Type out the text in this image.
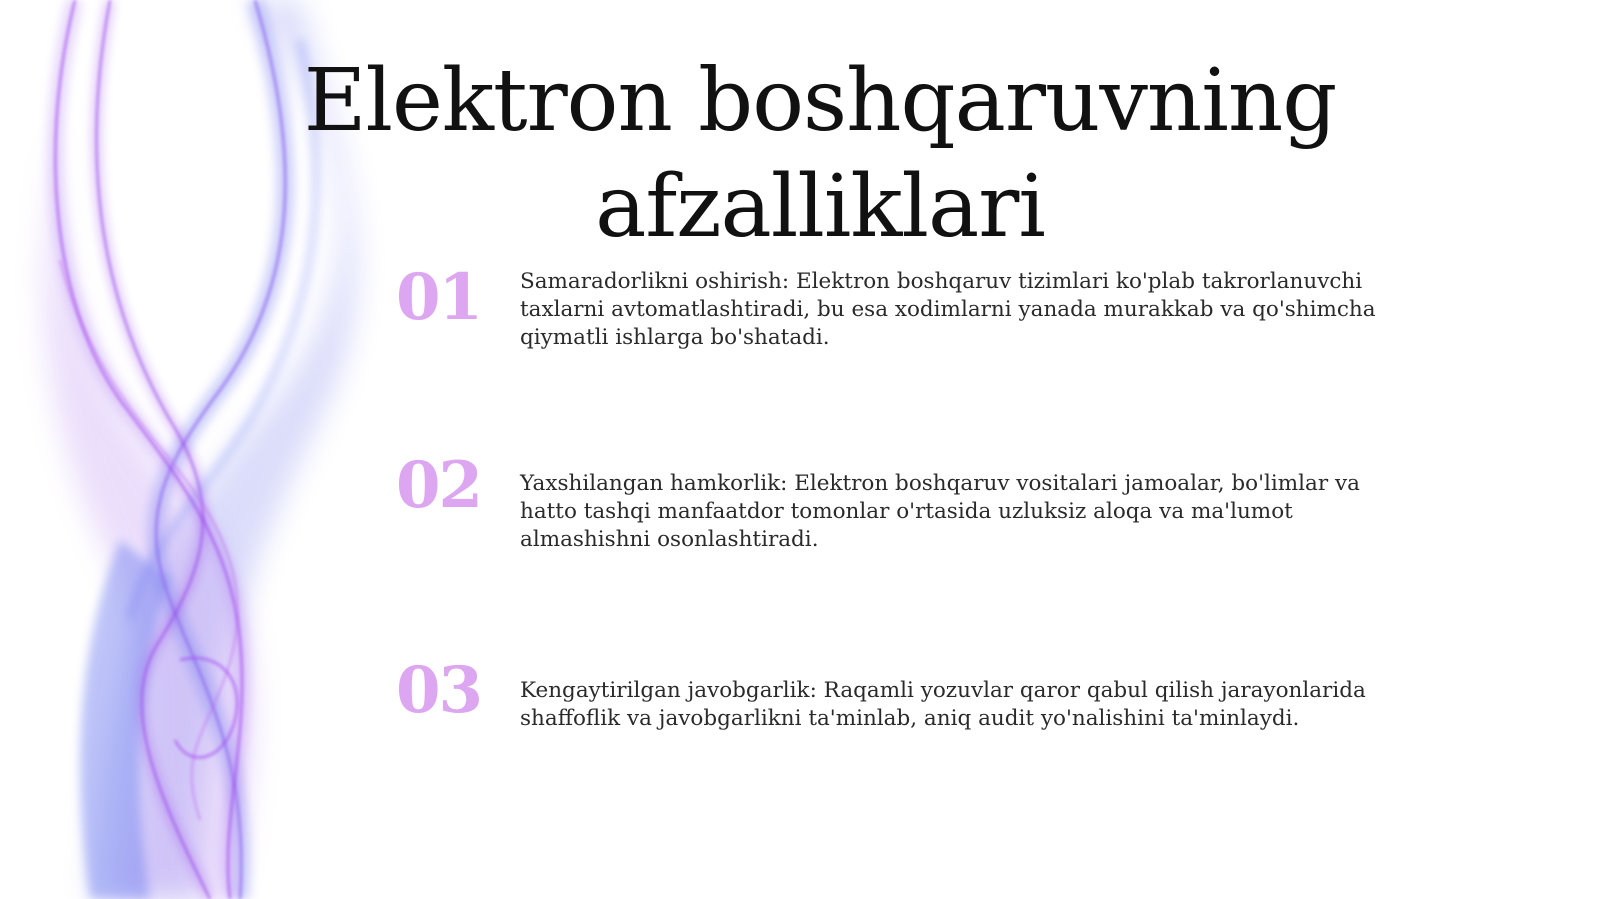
Elektron boshqaruvning afzalliklari
01	Samaradorlikni oshirish: Elektron boshqaruv tizimlari ko'plab takrorlanuvchi taxlarni avtomatlashtiradi, bu esa xodimlarni yanada murakkab va qo'shimcha qiymatli ishlarga bo'shatadi.
02	Yaxshilangan hamkorlik: Elektron boshqaruv vositalari jamoalar, bo'limlar va hatto tashqi manfaatdor tomonlar o'rtasida uzluksiz aloqa va ma'lumot almashishni osonlashtiradi.
03	Kengaytirilgan javobgarlik: Raqamli yozuvlar qaror qabul qilish jarayonlarida shaffoflik va javobgarlikni ta'minlab, aniq audit yo'nalishini ta'minlaydi.
